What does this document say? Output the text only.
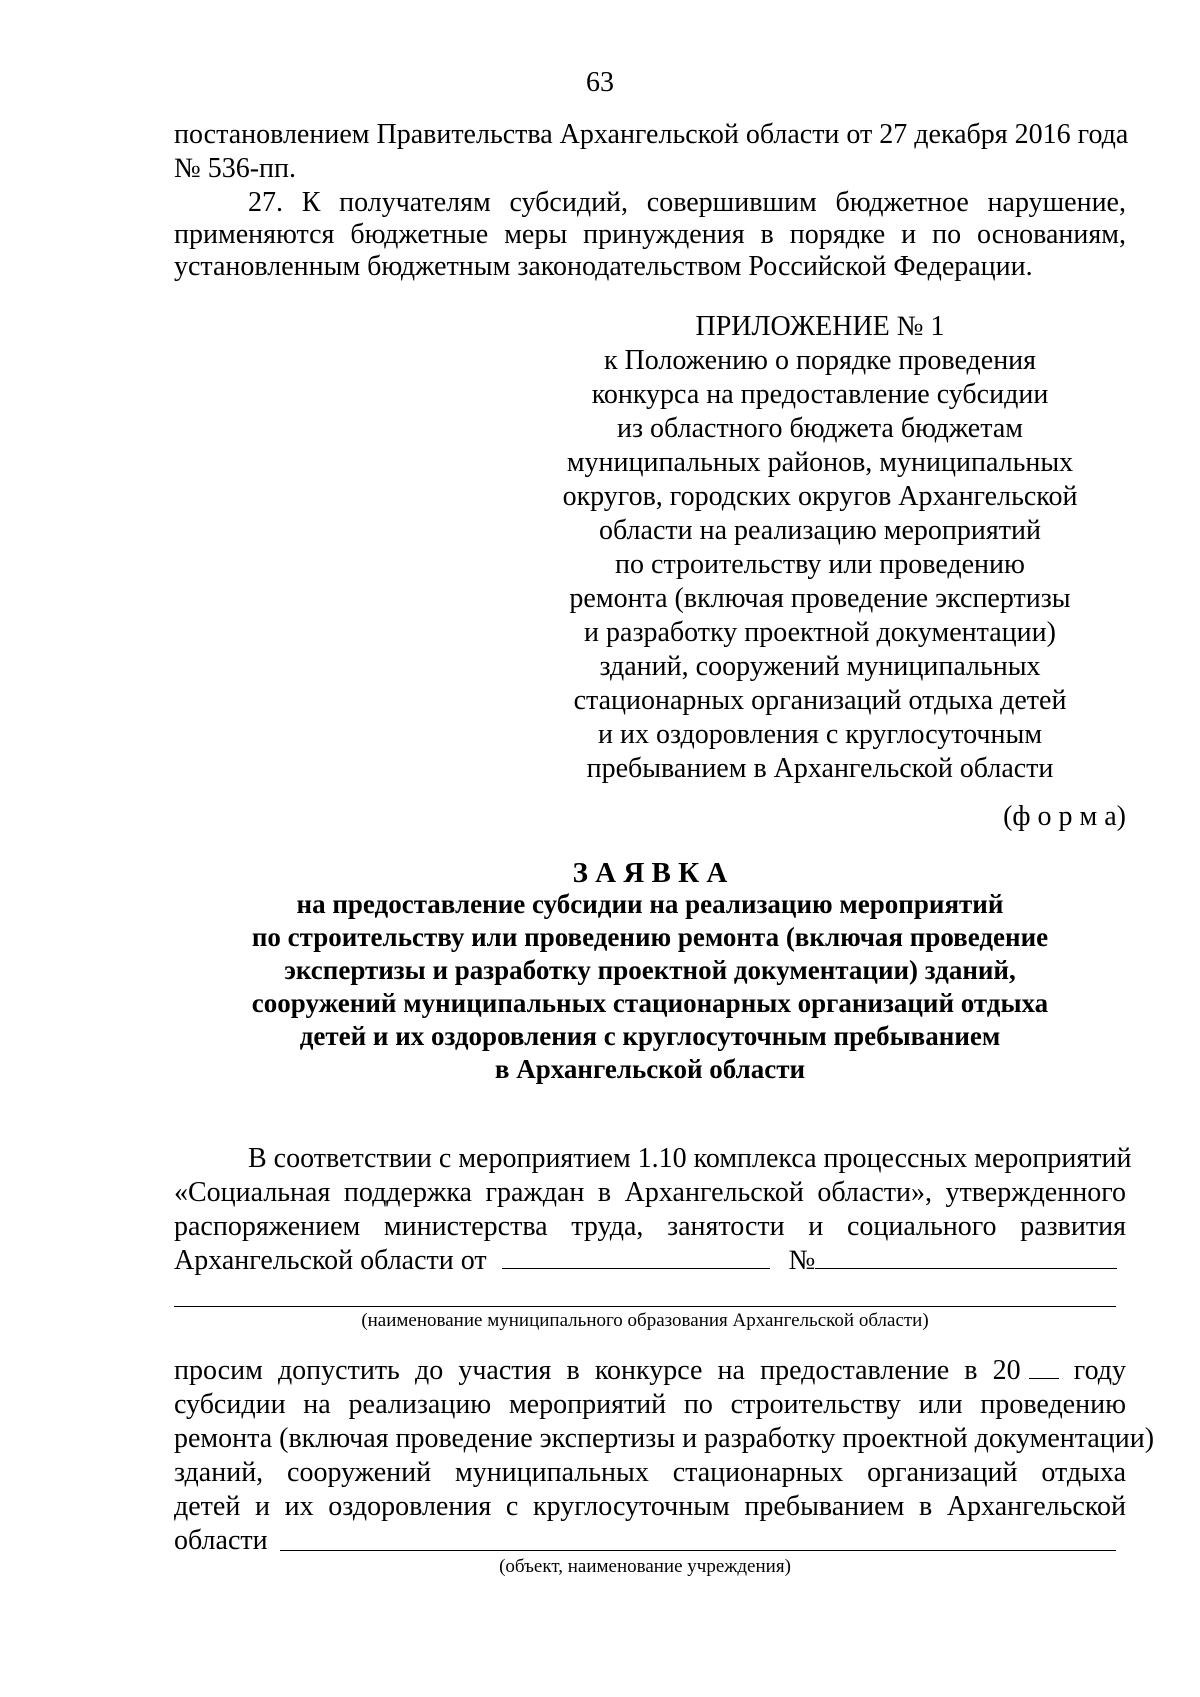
63
постановлением Правительства Архангельской области от 27 декабря 2016 года
№ 536-пп.
27. К получателям субсидий, совершившим бюджетное нарушение,
применяются бюджетные меры принуждения в порядке и по основаниям,
установленным бюджетным законодательством Российской Федерации.
ПРИЛОЖЕНИЕ № 1
к Положению о порядке проведения
конкурса на предоставление субсидии
из областного бюджета бюджетам
муниципальных районов, муниципальных
округов, городских округов Архангельской
области на реализацию мероприятий
по строительству или проведению
ремонта (включая проведение экспертизы
и разработку проектной документации)
зданий, сооружений муниципальных
стационарных организаций отдыха детей
и их оздоровления с круглосуточным
пребыванием в Архангельской области
(ф о р м а)
З А Я В К А
на предоставление субсидии на реализацию мероприятий
по строительству или проведению ремонта (включая проведение
экспертизы и разработку проектной документации) зданий,
сооружений муниципальных стационарных организаций отдыха
детей и их оздоровления с круглосуточным пребыванием
в Архангельской области
В соответствии с мероприятием 1.10 комплекса процессных мероприятий
«Социальная поддержка граждан в Архангельской области», утвержденного
распоряжением министерства труда, занятости и социального развития
Архангельской области от	№
(наименование муниципального образования Архангельской области)
просим допустить до участия в конкурсе на предоставление в 20 году
субсидии на реализацию мероприятий по строительству или проведению
ремонта (включая проведение экспертизы и разработку проектной документации)
зданий, сооружений муниципальных стационарных организаций отдыха
детей и их оздоровления с круглосуточным пребыванием в Архангельской
области
(объект, наименование учреждения)
